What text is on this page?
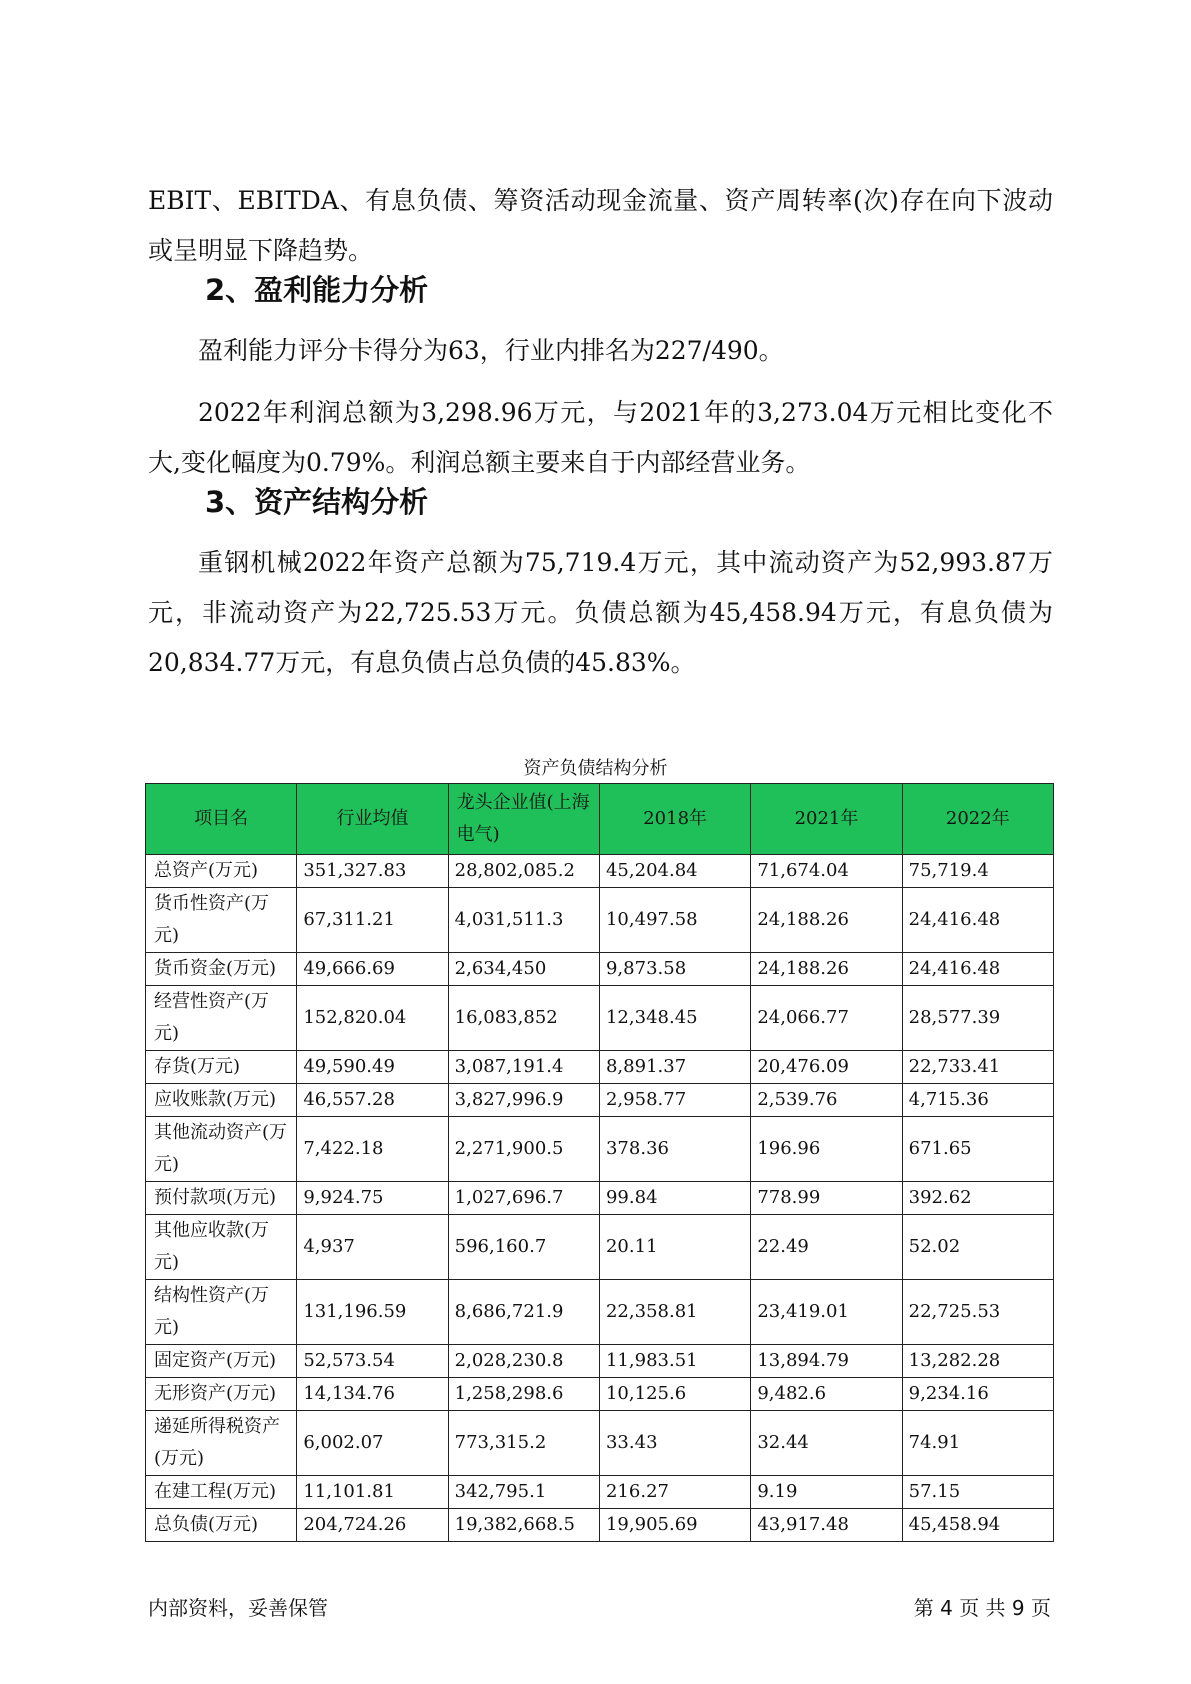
EBIT、EBITDA、有息负债、筹资活动现金流量、资产周转率(次)存在向下波动或呈明显下降趋势。

2、盈利能力分析

盈利能力评分卡得分为63，行业内排名为227/490。

2022年利润总额为3,298.96万元，与2021年的3,273.04万元相比变化不大,变化幅度为0.79%。利润总额主要来自于内部经营业务。

3、资产结构分析

重钢机械2022年资产总额为75,719.4万元，其中流动资产为52,993.87万元，非流动资产为22,725.53万元。负债总额为45,458.94万元，有息负债为20,834.77万元，有息负债占总负债的45.83%。

资产负债结构分析
项目名	行业均值	龙头企业值(上海电气)	2018年	2021年	2022年
总资产(万元)	351,327.83	28,802,085.2	45,204.84	71,674.04	75,719.4
货币性资产(万元)	67,311.21	4,031,511.3	10,497.58	24,188.26	24,416.48
货币资金(万元)	49,666.69	2,634,450	9,873.58	24,188.26	24,416.48
经营性资产(万元)	152,820.04	16,083,852	12,348.45	24,066.77	28,577.39
存货(万元)	49,590.49	3,087,191.4	8,891.37	20,476.09	22,733.41
应收账款(万元)	46,557.28	3,827,996.9	2,958.77	2,539.76	4,715.36
其他流动资产(万元)	7,422.18	2,271,900.5	378.36	196.96	671.65
预付款项(万元)	9,924.75	1,027,696.7	99.84	778.99	392.62
其他应收款(万元)	4,937	596,160.7	20.11	22.49	52.02
结构性资产(万元)	131,196.59	8,686,721.9	22,358.81	23,419.01	22,725.53
固定资产(万元)	52,573.54	2,028,230.8	11,983.51	13,894.79	13,282.28
无形资产(万元)	14,134.76	1,258,298.6	10,125.6	9,482.6	9,234.16
递延所得税资产(万元)	6,002.07	773,315.2	33.43	32.44	74.91
在建工程(万元)	11,101.81	342,795.1	216.27	9.19	57.15
总负债(万元)	204,724.26	19,382,668.5	19,905.69	43,917.48	45,458.94
内部资料，妥善保管	第 4 页 共 9 页
